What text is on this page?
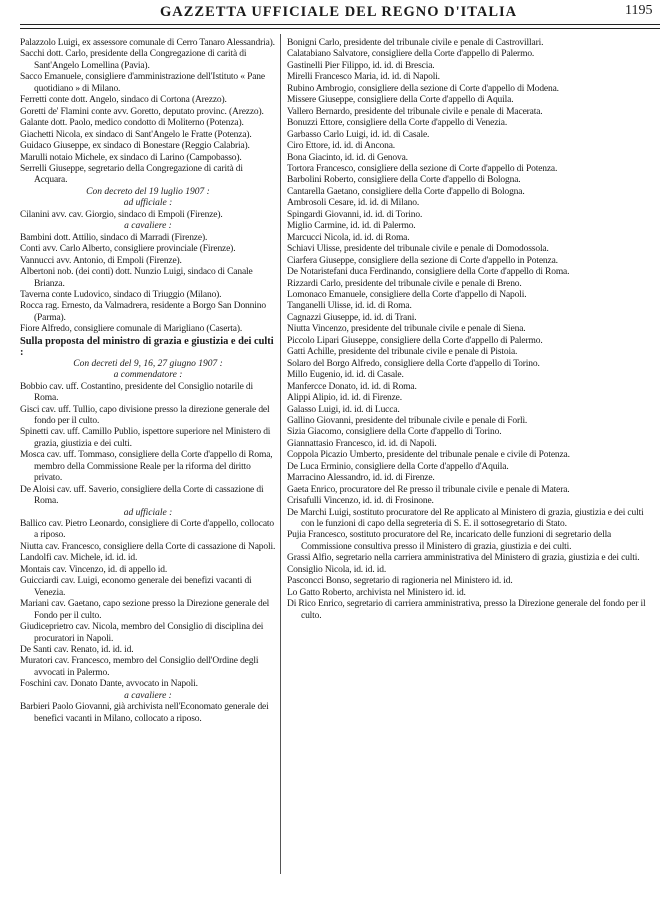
GAZZETTA UFFICIALE DEL REGNO D'ITALIA	1195

Palazzolo Luigi, ex assessore comunale di Cerro Tanaro Alessandria).

Sacchi dott. Carlo, presidente della Congregazione di carità di Sant'Angelo Lomellina (Pavia).

Sacco Emanuele, consigliere d'amministrazione dell'Istituto « Pane quotidiano » di Milano.

Ferretti conte dott. Angelo, sindaco di Cortona (Arezzo).

Goretti de' Flamini conte avv. Goretto, deputato provinc. (Arezzo).

Galante dott. Paolo, medico condotto di Moliterno (Potenza).

Giachetti Nicola, ex sindaco di Sant'Angelo le Fratte (Potenza).

Guidaco Giuseppe, ex sindaco di Bonestare (Reggio Calabria).

Marulli notaio Michele, ex sindaco di Larino (Campobasso).

Serrelli Giuseppe, segretario della Congregazione di carità di Acquara.

Con decreto del 19 luglio 1907 :

ad ufficiale :

Cilanini avv. cav. Giorgio, sindaco di Empoli (Firenze).

a cavaliere :

Bambini dott. Attilio, sindaco di Marradi (Firenze).

Conti avv. Carlo Alberto, consigliere provinciale (Firenze).

Vannucci avv. Antonio, di Empoli (Firenze).

Albertoni nob. (dei conti) dott. Nunzio Luigi, sindaco di Canale Brianza.

Taverna conte Ludovico, sindaco di Triuggio (Milano).

Rocca rag. Ernesto, da Valmadrera, residente a Borgo San Donnino (Parma).

Fiore Alfredo, consigliere comunale di Marigliano (Caserta).

Sulla proposta del ministro di grazia e giustizia e dei culti :

Con decreti del 9, 16, 27 giugno 1907 :

a commendatore :

Bobbio cav. uff. Costantino, presidente del Consiglio notarile di Roma.

Gisci cav. uff. Tullio, capo divisione presso la direzione generale del fondo per il culto.

Spinetti cav. uff. Camillo Publio, ispettore superiore nel Ministero di grazia, giustizia e dei culti.

Mosca cav. uff. Tommaso, consigliere della Corte d'appello di Roma, membro della Commissione Reale per la riforma del diritto privato.

De Aloisi cav. uff. Saverio, consigliere della Corte di cassazione di Roma.

ad ufficiale :

Ballico cav. Pietro Leonardo, consigliere di Corte d'appello, collocato a riposo.

Niutta cav. Francesco, consigliere della Corte di cassazione di Napoli.

Landolfi cav. Michele, id. id. id.

Montais cav. Vincenzo, id. di appello id.

Guicciardi cav. Luigi, economo generale dei benefizi vacanti di Venezia.

Mariani cav. Gaetano, capo sezione presso la Direzione generale del Fondo per il culto.

Giudiceprietro cav. Nicola, membro del Consiglio di disciplina dei procuratori in Napoli.

De Santi cav. Renato, id. id. id.

Muratori cav. Francesco, membro del Consiglio dell'Ordine degli avvocati in Palermo.

Foschini cav. Donato Dante, avvocato in Napoli.

a cavaliere :

Barbieri Paolo Giovanni, già archivista nell'Economato generale dei benefici vacanti in Milano, collocato a riposo.

Bonigni Carlo, presidente del tribunale civile e penale di Castrovillari.

Calatabiano Salvatore, consigliere della Corte d'appello di Palermo.

Gastinelli Pier Filippo, id. id. di Brescia.

Mirelli Francesco Maria, id. id. di Napoli.

Rubino Ambrogio, consigliere della sezione di Corte d'appello di Modena.

Missere Giuseppe, consigliere della Corte d'appello di Aquila.

Vallero Bernardo, presidente del tribunale civile e penale di Macerata.

Bonuzzi Ettore, consigliere della Corte d'appello di Venezia.

Garbasso Carlo Luigi, id. id. di Casale.

Ciro Ettore, id. id. di Ancona.

Bona Giacinto, id. id. di Genova.

Tortora Francesco, consigliere della sezione di Corte d'appello di Potenza.

Barbolini Roberto, consigliere della Corte d'appello di Bologna.

Cantarella Gaetano, consigliere della Corte d'appello di Bologna.

Ambrosoli Cesare, id. id. di Milano.

Spingardi Giovanni, id. id. di Torino.

Miglio Carmine, id. id. di Palermo.

Marcucci Nicola, id. id. di Roma.

Schiavi Ulisse, presidente del tribunale civile e penale di Domodossola.

Ciarfera Giuseppe, consigliere della sezione di Corte d'appello in Potenza.

De Notaristefani duca Ferdinando, consigliere della Corte d'appello di Roma.

Rizzardi Carlo, presidente del tribunale civile e penale di Breno.

Lomonaco Emanuele, consigliere della Corte d'appello di Napoli.

Tanganelli Ulisse, id. id. di Roma.

Cagnazzi Giuseppe, id. id. di Trani.

Niutta Vincenzo, presidente del tribunale civile e penale di Siena.

Piccolo Lipari Giuseppe, consigliere della Corte d'appello di Palermo.

Gatti Achille, presidente del tribunale civile e penale di Pistoia.

Solaro del Borgo Alfredo, consigliere della Corte d'appello di Torino.

Millo Eugenio, id. id. di Casale.

Manfercce Donato, id. id. di Roma.

Alippi Alipio, id. id. di Firenze.

Galasso Luigi, id. id. di Lucca.

Gallino Giovanni, presidente del tribunale civile e penale di Forlì.

Sizia Giacomo, consigliere della Corte d'appello di Torino.

Giannattasio Francesco, id. id. di Napoli.

Coppola Picazio Umberto, presidente del tribunale penale e civile di Potenza.

De Luca Erminio, consigliere della Corte d'appello d'Aquila.

Marracino Alessandro, id. id. di Firenze.

Gaeta Enrico, procuratore del Re presso il tribunale civile e penale di Matera.

Crisafulli Vincenzo, id. id. di Frosinone.

De Marchi Luigi, sostituto procuratore del Re applicato al Ministero di grazia, giustizia e dei culti con le funzioni di capo della segreteria di S. E. il sottosegretario di Stato.

Pujia Francesco, sostituto procuratore del Re, incaricato delle funzioni di segretario della Commissione consultiva presso il Ministero di grazia, giustizia e dei culti.

Grassi Alfio, segretario nella carriera amministrativa del Ministero di grazia, giustizia e dei culti.

Consiglio Nicola, id. id. id.

Pasconcci Bonso, segretario di ragioneria nel Ministero id. id.

Lo Gatto Roberto, archivista nel Ministero id. id.

Di Rico Enrico, segretario di carriera amministrativa, presso la Direzione generale del fondo per il culto.
